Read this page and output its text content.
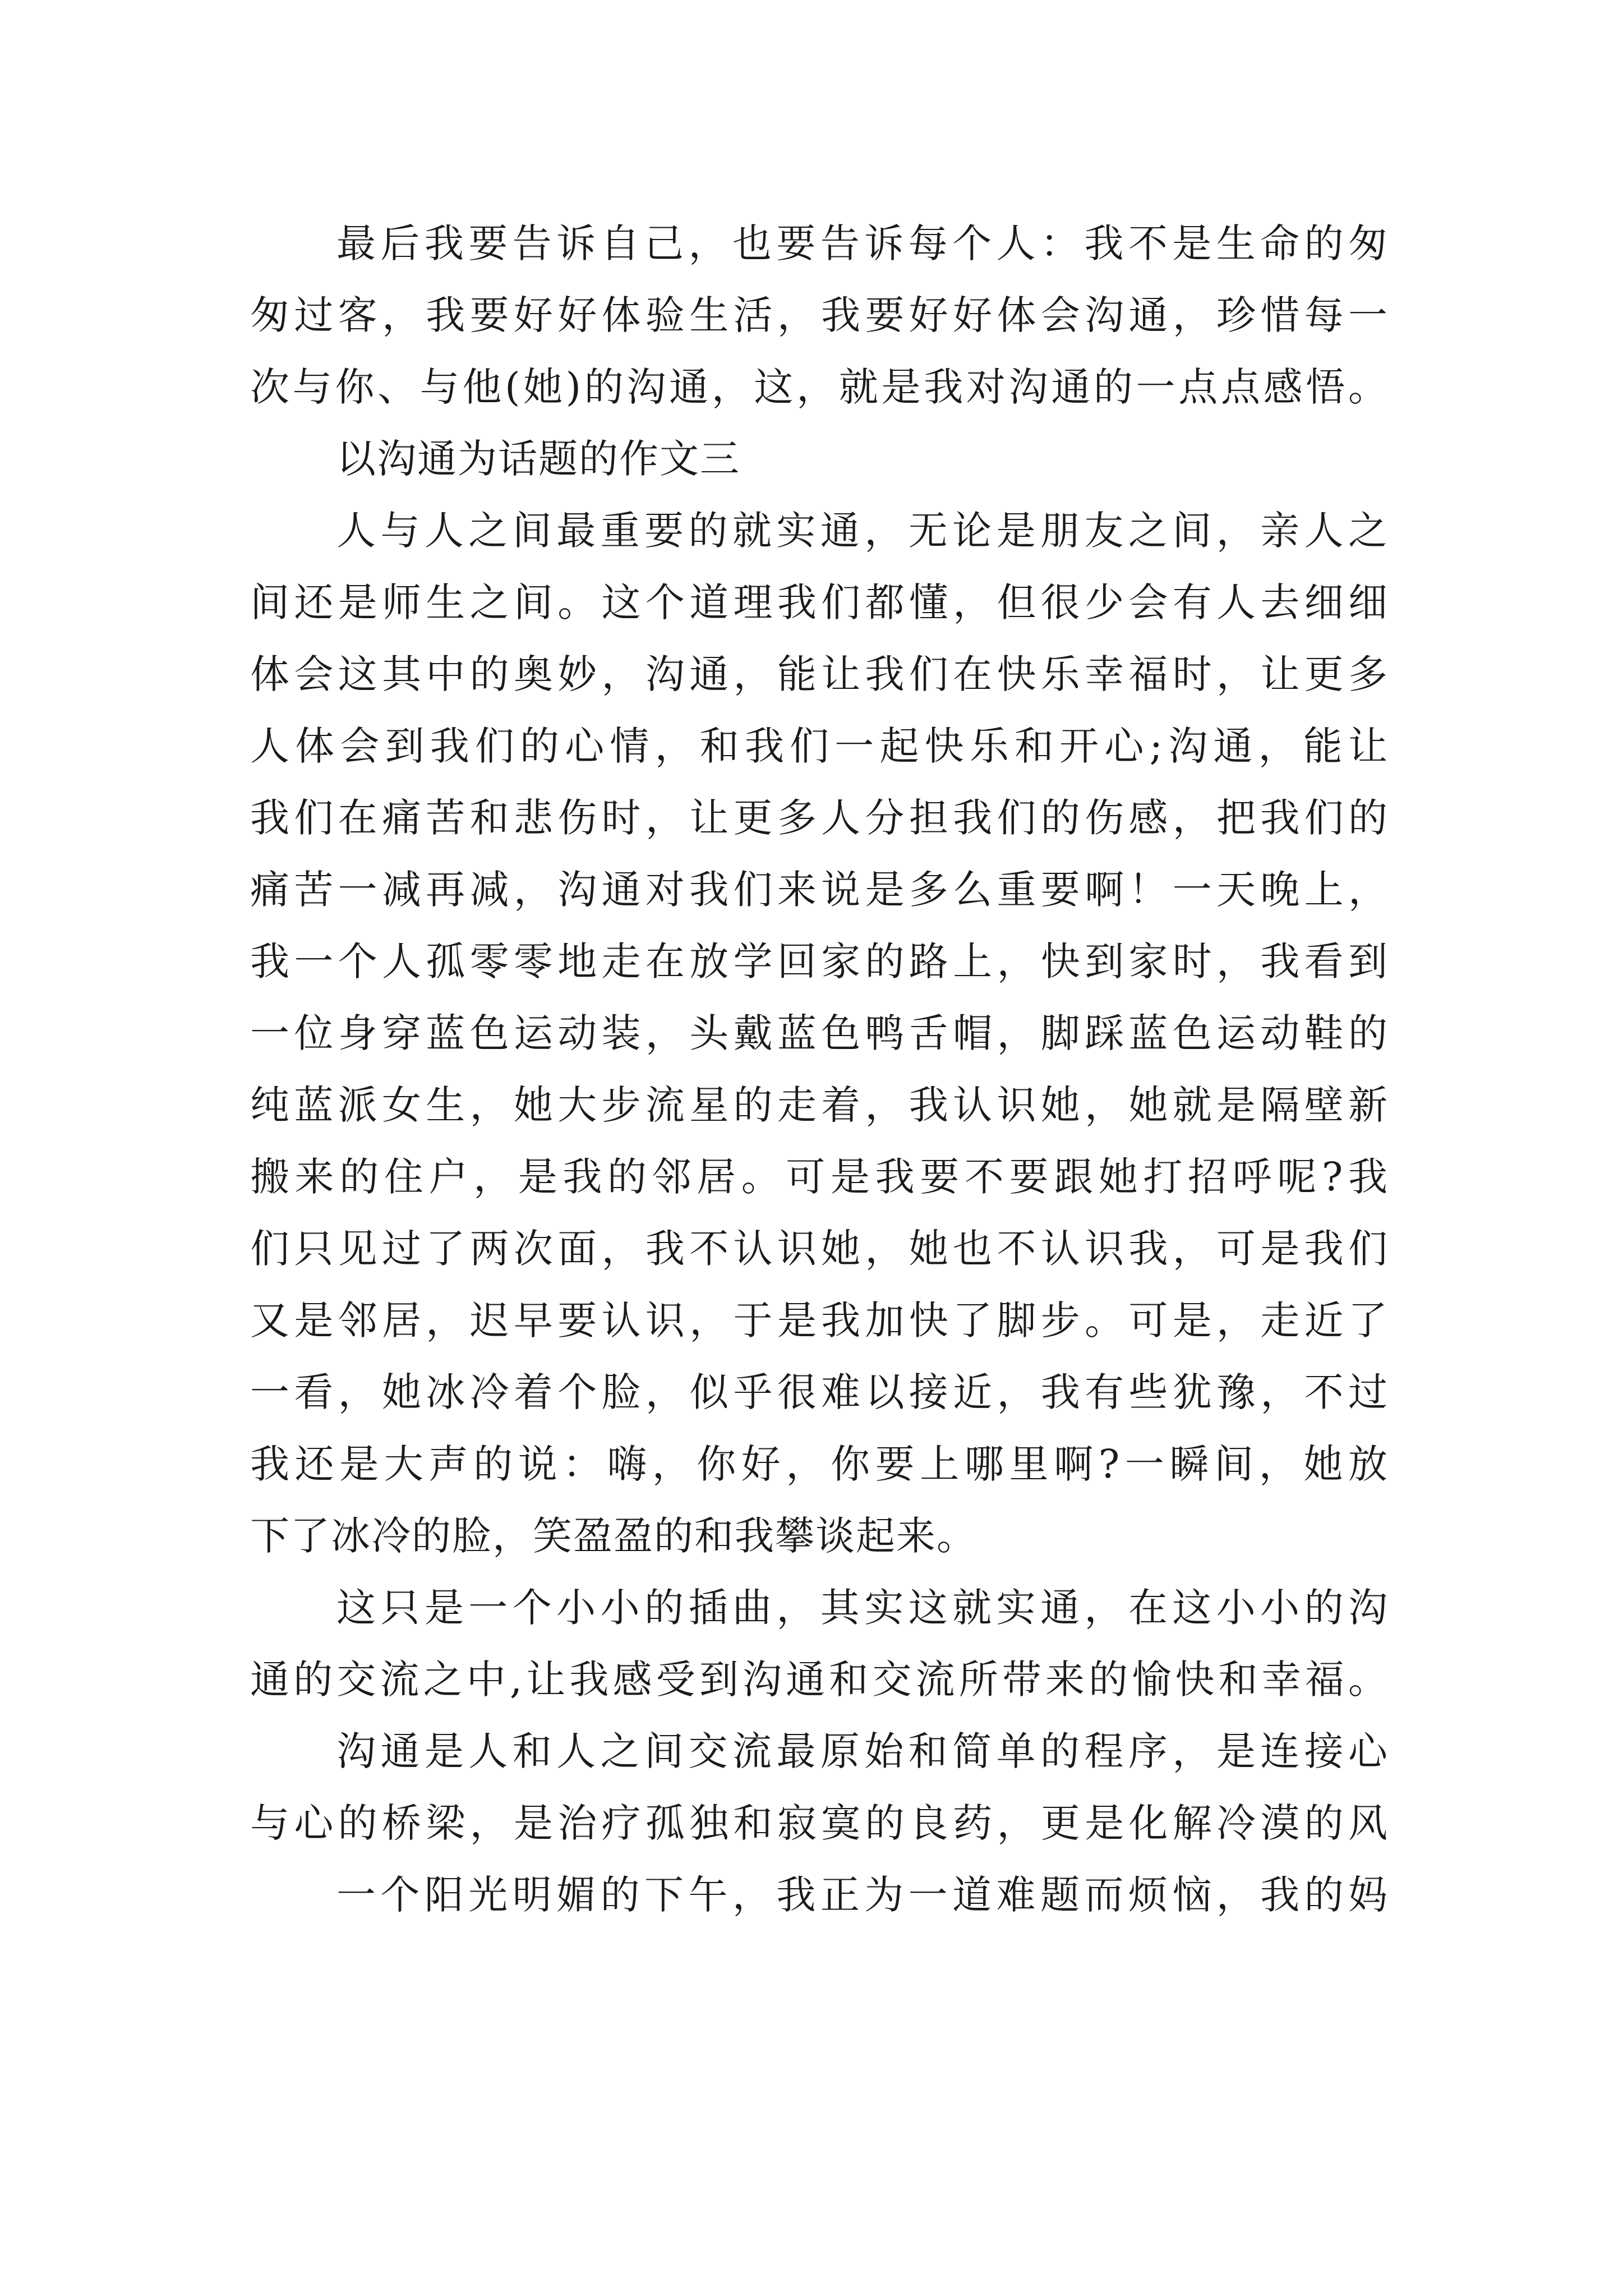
最后我要告诉自己，也要告诉每个人：我不是生命的匆
匆过客，我要好好体验生活，我要好好体会沟通，珍惜每一
次与你、与他(她)的沟通，这，就是我对沟通的一点点感悟。
以沟通为话题的作文三
人与人之间最重要的就实通，无论是朋友之间，亲人之
间还是师生之间。这个道理我们都懂，但很少会有人去细细
体会这其中的奥妙，沟通，能让我们在快乐幸福时，让更多
人体会到我们的心情，和我们一起快乐和开心;沟通，能让
我们在痛苦和悲伤时，让更多人分担我们的伤感，把我们的
痛苦一减再减，沟通对我们来说是多么重要啊！一天晚上，
我一个人孤零零地走在放学回家的路上，快到家时，我看到
一位身穿蓝色运动装，头戴蓝色鸭舌帽，脚踩蓝色运动鞋的
纯蓝派女生，她大步流星的走着，我认识她，她就是隔壁新
搬来的住户，是我的邻居。可是我要不要跟她打招呼呢?我
们只见过了两次面，我不认识她，她也不认识我，可是我们
又是邻居，迟早要认识，于是我加快了脚步。可是，走近了
一看，她冰冷着个脸，似乎很难以接近，我有些犹豫，不过
我还是大声的说：嗨，你好，你要上哪里啊?一瞬间，她放
下了冰冷的脸，笑盈盈的和我攀谈起来。
这只是一个小小的插曲，其实这就实通，在这小小的沟
通的交流之中,让我感受到沟通和交流所带来的愉快和幸福。
沟通是人和人之间交流最原始和简单的程序，是连接心
与心的桥梁，是治疗孤独和寂寞的良药，更是化解冷漠的风
一个阳光明媚的下午，我正为一道难题而烦恼，我的妈
